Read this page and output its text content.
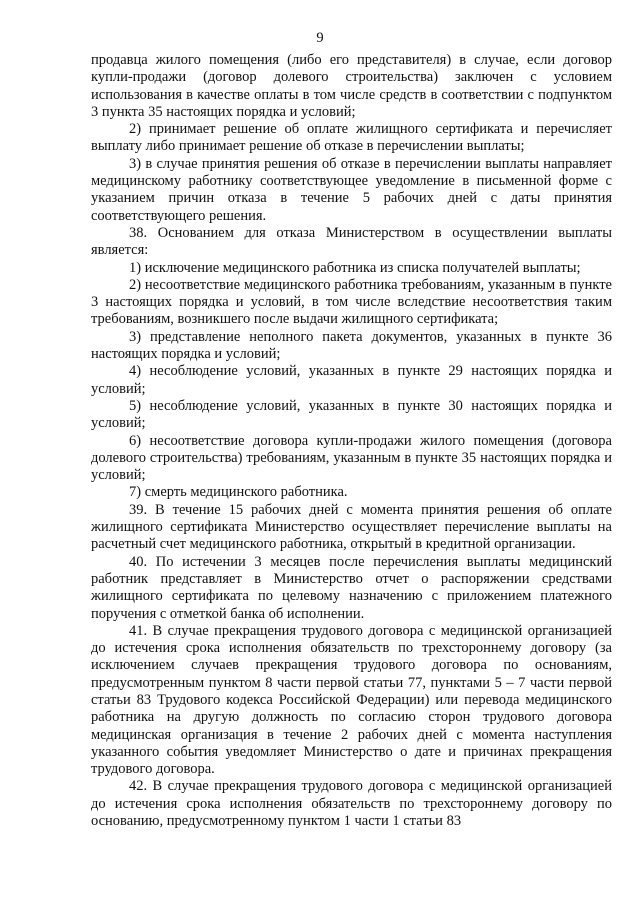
9

продавца жилого помещения (либо его представителя) в случае, если договор купли-продажи (договор долевого строительства) заключен с условием использования в качестве оплаты в том числе средств в соответствии с подпунктом 3 пункта 35 настоящих порядка и условий;

2) принимает решение об оплате жилищного сертификата и перечисляет выплату либо принимает решение об отказе в перечислении выплаты;

3) в случае принятия решения об отказе в перечислении выплаты направляет медицинскому работнику соответствующее уведомление в письменной форме с указанием причин отказа в течение 5 рабочих дней с даты принятия соответствующего решения.

38. Основанием для отказа Министерством в осуществлении выплаты является:

1) исключение медицинского работника из списка получателей выплаты;

2) несоответствие медицинского работника требованиям, указанным в пункте 3 настоящих порядка и условий, в том числе вследствие несоответствия таким требованиям, возникшего после выдачи жилищного сертификата;

3) представление неполного пакета документов, указанных в пункте 36 настоящих порядка и условий;

4) несоблюдение условий, указанных в пункте 29 настоящих порядка и условий;

5) несоблюдение условий, указанных в пункте 30 настоящих порядка и условий;

6) несоответствие договора купли-продажи жилого помещения (договора долевого строительства) требованиям, указанным в пункте 35 настоящих порядка и условий;

7) смерть медицинского работника.

39. В течение 15 рабочих дней с момента принятия решения об оплате жилищного сертификата Министерство осуществляет перечисление выплаты на расчетный счет медицинского работника, открытый в кредитной организации.

40. По истечении 3 месяцев после перечисления выплаты медицинский работник представляет в Министерство отчет о распоряжении средствами жилищного сертификата по целевому назначению с приложением платежного поручения с отметкой банка об исполнении.

41. В случае прекращения трудового договора с медицинской организацией до истечения срока исполнения обязательств по трехстороннему договору (за исключением случаев прекращения трудового договора по основаниям, предусмотренным пунктом 8 части первой статьи 77, пунктами 5 – 7 части первой статьи 83 Трудового кодекса Российской Федерации) или перевода медицинского работника на другую должность по согласию сторон трудового договора медицинская организация в течение 2 рабочих дней с момента наступления указанного события уведомляет Министерство о дате и причинах прекращения трудового договора.

42. В случае прекращения трудового договора с медицинской организацией до истечения срока исполнения обязательств по трехстороннему договору по основанию, предусмотренному пунктом 1 части 1 статьи 83
